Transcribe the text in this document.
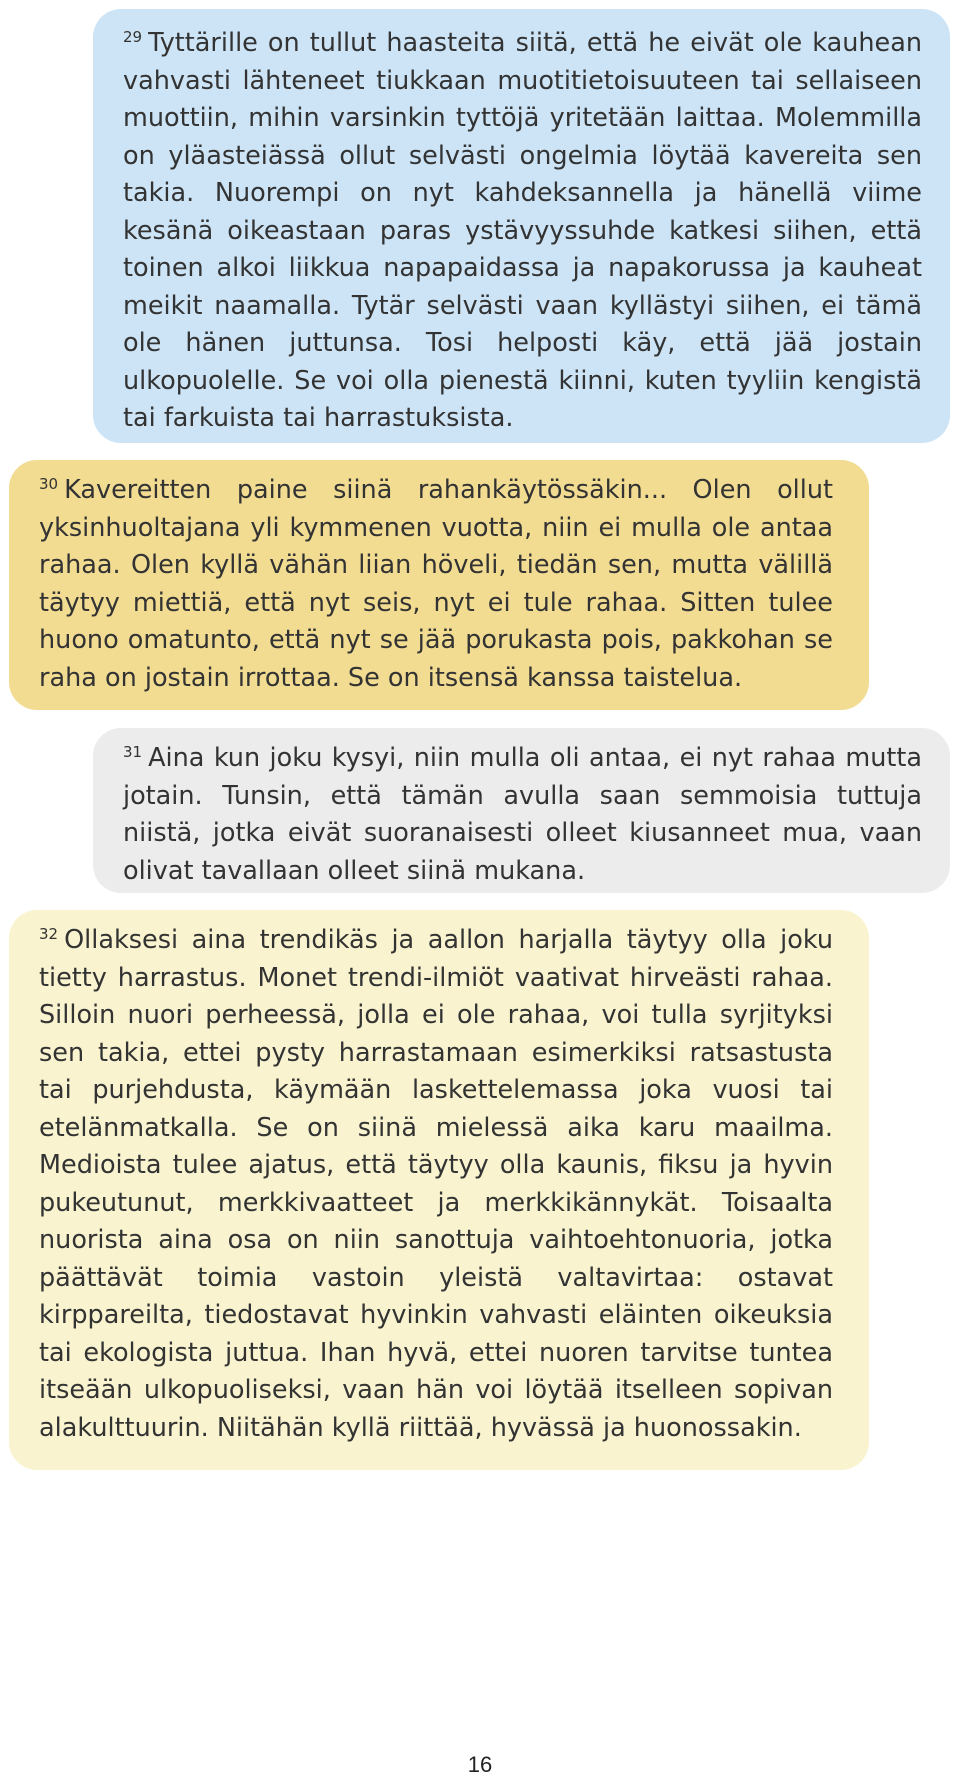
$^{29}$ Tyttärille on tullut haasteita siitä, että he eivät ole kauhean vahvasti lähteneet tiukkaan muotitietoisuuteen tai sellaiseen muottiin, mihin varsinkin tyttöjä yritetään laittaa. Molemmilla on yläasteiässä ollut selvästi ongelmia löytää kavereita sen takia. Nuorempi on nyt kahdeksannella ja hänellä viime kesänä oikeastaan paras ystävyyssuhde katkesi siihen, että toinen alkoi liikkua napapaidassa ja napakorussa ja kauheat meikit naamalla. Tytär selvästi vaan kyllästyi siihen, ei tämä ole hänen juttunsa. Tosi helposti käy, että jää jostain ulkopuolelle. Se voi olla pienestä kiinni, kuten tyyliin kengistä tai farkuista tai harrastuksista.
$^{30}$ Kavereitten paine siinä rahankäytössäkin... Olen ollut yksinhuoltajana yli kymmenen vuotta, niin ei mulla ole antaa rahaa. Olen kyllä vähän liian höveli, tiedän sen, mutta välillä täytyy miettiä, että nyt seis, nyt ei tule rahaa. Sitten tulee huono omatunto, että nyt se jää porukasta pois, pakkohan se raha on jostain irrottaa. Se on itsensä kanssa taistelua.
$^{31}$ Aina kun joku kysyi, niin mulla oli antaa, ei nyt rahaa mutta jotain. Tunsin, että tämän avulla saan semmoisia tuttuja niistä, jotka eivät suoranaisesti olleet kiusanneet mua, vaan olivat tavallaan olleet siinä mukana.
$^{32}$ Ollaksesi aina trendikäs ja aallon harjalla täytyy olla joku tietty harrastus. Monet trendi-ilmiöt vaativat hirveästi rahaa. Silloin nuori perheessä, jolla ei ole rahaa, voi tulla syrjityksi sen takia, ettei pysty harrastamaan esimerkiksi ratsastusta tai purjehdusta, käymään laskettelemassa joka vuosi tai etelänmatkalla. Se on siinä mielessä aika karu maailma. Medioista tulee ajatus, että täytyy olla kaunis, fiksu ja hyvin pukeutunut, merkkivaatteet ja merkkikännykät. Toisaalta nuorista aina osa on niin sanottuja vaihtoehtonuoria, jotka päättävät toimia vastoin yleistä valtavirtaa: ostavat kirppareilta, tiedostavat hyvinkin vahvasti eläinten oikeuksia tai ekologista juttua. Ihan hyvä, ettei nuoren tarvitse tuntea itseään ulkopuoliseksi, vaan hän voi löytää itselleen sopivan alakulttuurin. Niitähän kyllä riittää, hyvässä ja huonossakin.
16
